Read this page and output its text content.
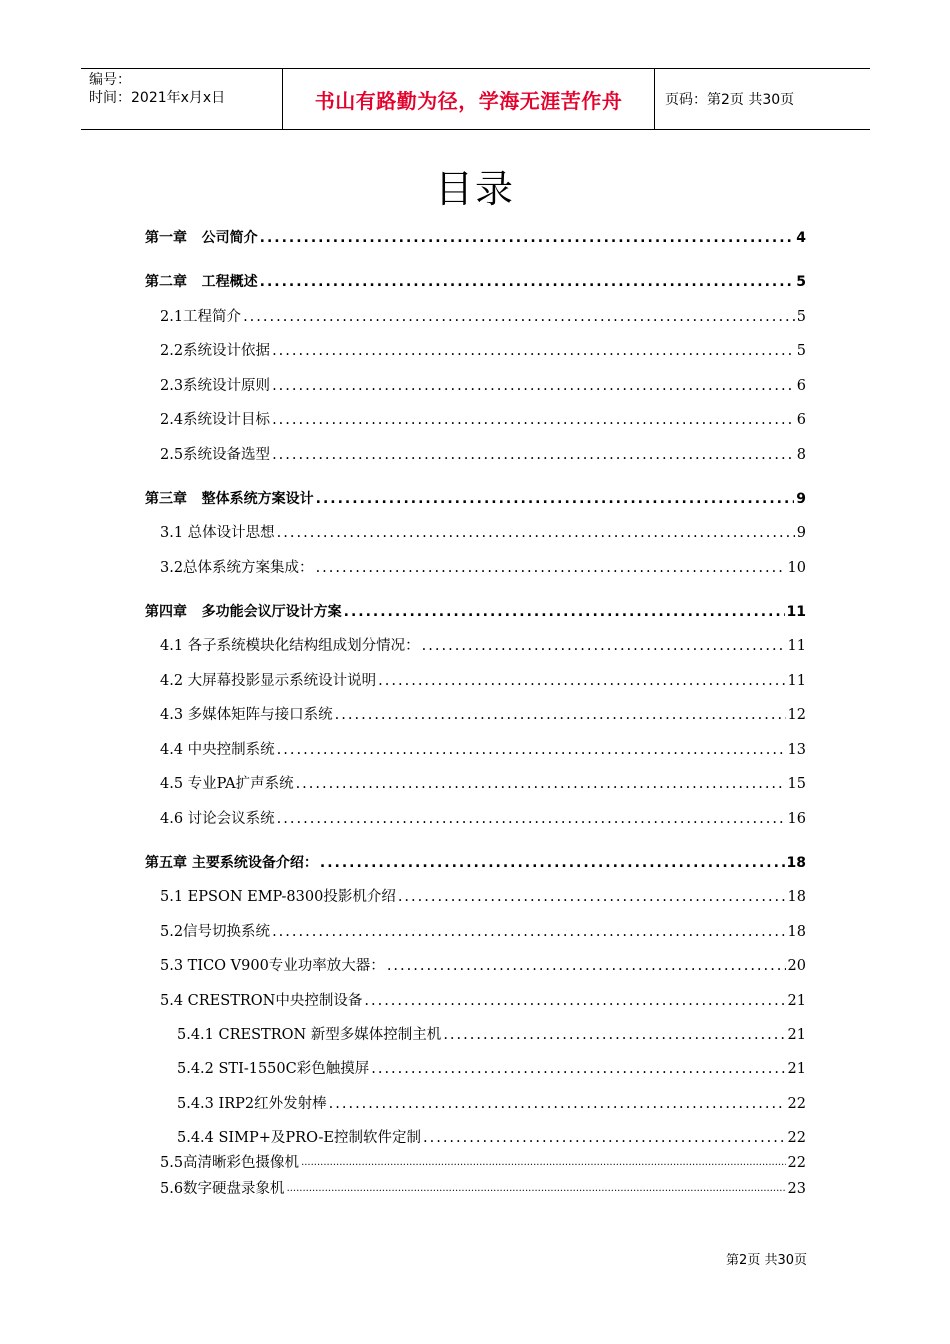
编号：
时间：2021年x月x日	书山有路勤为径，学海无涯苦作舟	页码：第2页 共30页
目录
第一章   公司简介 .....	4
第二章   工程概述 .....	5
2.1工程简介 .....	5
2.2系统设计依据 .....	5
2.3系统设计原则 .....	6
2.4系统设计目标 .....	6
2.5系统设备选型 .....	8
第三章   整体系统方案设计 .....	9
3.1 总体设计思想 .....	9
3.2总体系统方案集成： .....	10
第四章   多功能会议厅设计方案 .....	11
4.1 各子系统模块化结构组成划分情况： .....	11
4.2 大屏幕投影显示系统设计说明 .....	11
4.3 多媒体矩阵与接口系统 .....	12
4.4 中央控制系统 .....	13
4.5 专业PA扩声系统 .....	15
4.6 讨论会议系统 .....	16
第五章 主要系统设备介绍： .....	18
5.1 EPSON EMP-8300投影机介绍 .....	18
5.2信号切换系统 .....	18
5.3 TICO V900专业功率放大器： .....	20
5.4 CRESTRON中央控制设备 .....	21
5.4.1 CRESTRON 新型多媒体控制主机 .....	21
5.4.2 STI-1550C彩色触摸屏 .....	21
5.4.3 IRP2红外发射棒 .....	22
5.4.4 SIMP+及PRO-E控制软件定制 .....	22
5.5高清晰彩色摄像机 .....	22
5.6数字硬盘录象机 .....	23
第2页 共30页
